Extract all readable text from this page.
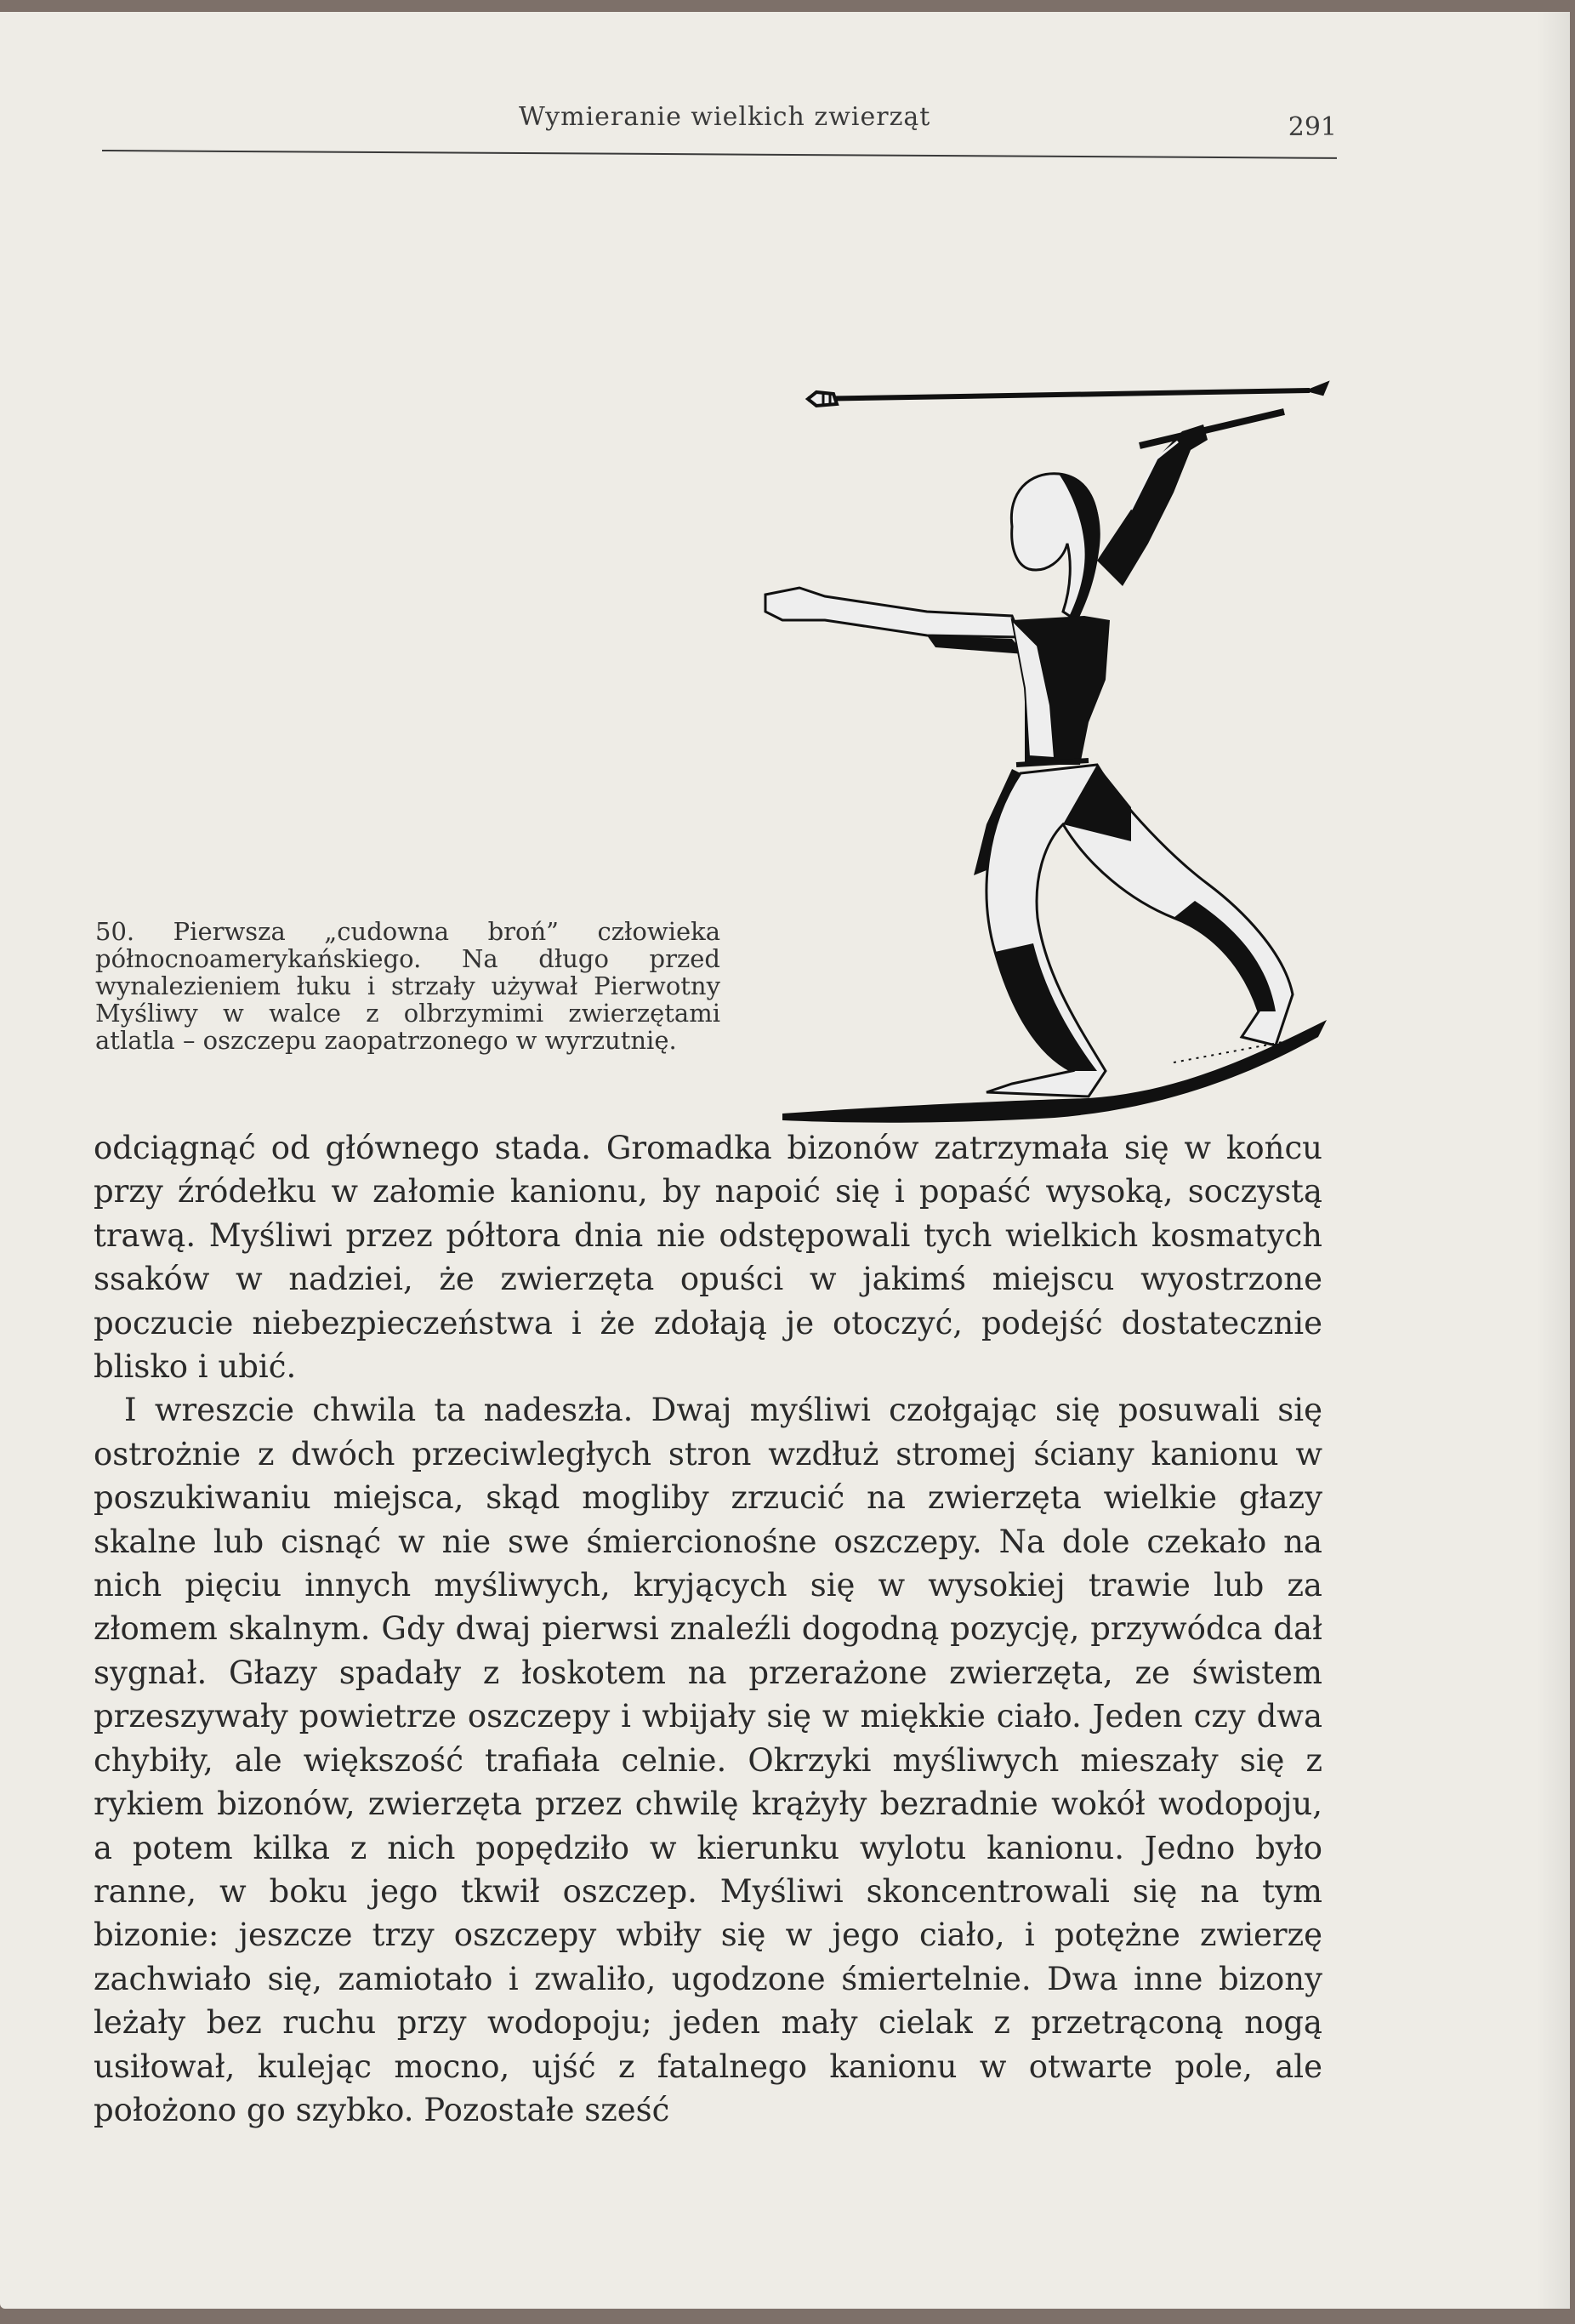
Wymieranie wielkich zwierząt	291
50. Pierwsza „cudowna broń” człowieka północnoamerykańskiego. Na długo przed wynalezieniem łuku i strzały używał Pierwotny Myśliwy w walce z olbrzymimi zwierzętami atlatla – oszczepu zaopatrzonego w wyrzutnię.

odciągnąć od głównego stada. Gromadka bizonów zatrzymała się w końcu przy źródełku w załomie kanionu, by napoić się i popaść wysoką, soczystą trawą. Myśliwi przez półtora dnia nie odstępowali tych wielkich kosmatych ssaków w nadziei, że zwierzęta opuści w jakimś miejscu wyostrzone poczucie niebezpieczeństwa i że zdołają je otoczyć, podejść dostatecznie blisko i ubić.

I wreszcie chwila ta nadeszła. Dwaj myśliwi czołgając się posuwali się ostrożnie z dwóch przeciwległych stron wzdłuż stromej ściany kanionu w poszukiwaniu miejsca, skąd mogliby zrzucić na zwierzęta wielkie głazy skalne lub cisnąć w nie swe śmiercionośne oszczepy. Na dole czekało na nich pięciu innych myśliwych, kryjących się w wysokiej trawie lub za złomem skalnym. Gdy dwaj pierwsi znaleźli dogodną pozycję, przywódca dał sygnał. Głazy spadały z łoskotem na przerażone zwierzęta, ze świstem przeszywały powietrze oszczepy i wbijały się w miękkie ciało. Jeden czy dwa chybiły, ale większość trafiała celnie. Okrzyki myśliwych mieszały się z rykiem bizonów, zwierzęta przez chwilę krążyły bezradnie wokół wodopoju, a potem kilka z nich popędziło w kierunku wylotu kanionu. Jedno było ranne, w boku jego tkwił oszczep. Myśliwi skoncentrowali się na tym bizonie: jeszcze trzy oszczepy wbiły się w jego ciało, i potężne zwierzę zachwiało się, zamiotało i zwaliło, ugodzone śmiertelnie. Dwa inne bizony leżały bez ruchu przy wodopoju; jeden mały cielak z przetrąconą nogą usiłował, kulejąc mocno, ujść z fatalnego kanionu w otwarte pole, ale położono go szybko. Pozostałe sześć
